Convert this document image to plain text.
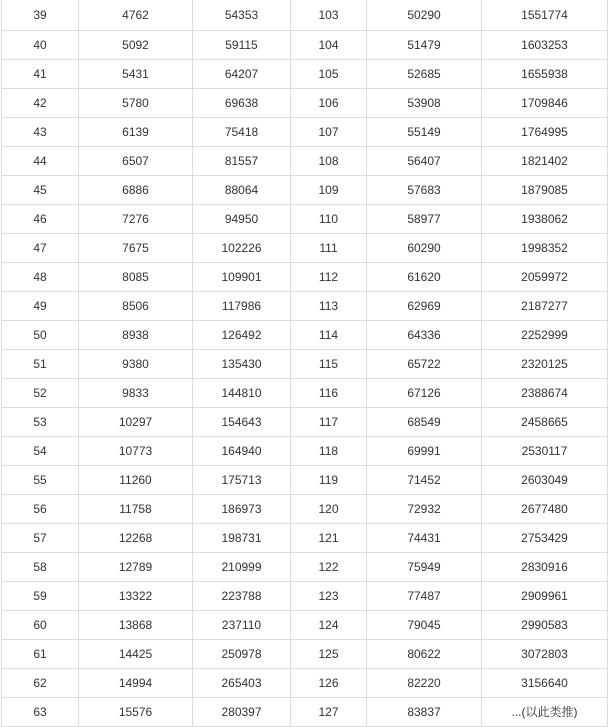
39	4762	54353	103	50290	1551774
40	5092	59115	104	51479	1603253
41	5431	64207	105	52685	1655938
42	5780	69638	106	53908	1709846
43	6139	75418	107	55149	1764995
44	6507	81557	108	56407	1821402
45	6886	88064	109	57683	1879085
46	7276	94950	110	58977	1938062
47	7675	102226	111	60290	1998352
48	8085	109901	112	61620	2059972
49	8506	117986	113	62969	2187277
50	8938	126492	114	64336	2252999
51	9380	135430	115	65722	2320125
52	9833	144810	116	67126	2388674
53	10297	154643	117	68549	2458665
54	10773	164940	118	69991	2530117
55	11260	175713	119	71452	2603049
56	11758	186973	120	72932	2677480
57	12268	198731	121	74431	2753429
58	12789	210999	122	75949	2830916
59	13322	223788	123	77487	2909961
60	13868	237110	124	79045	2990583
61	14425	250978	125	80622	3072803
62	14994	265403	126	82220	3156640
63	15576	280397	127	83837	...(以此类推)
